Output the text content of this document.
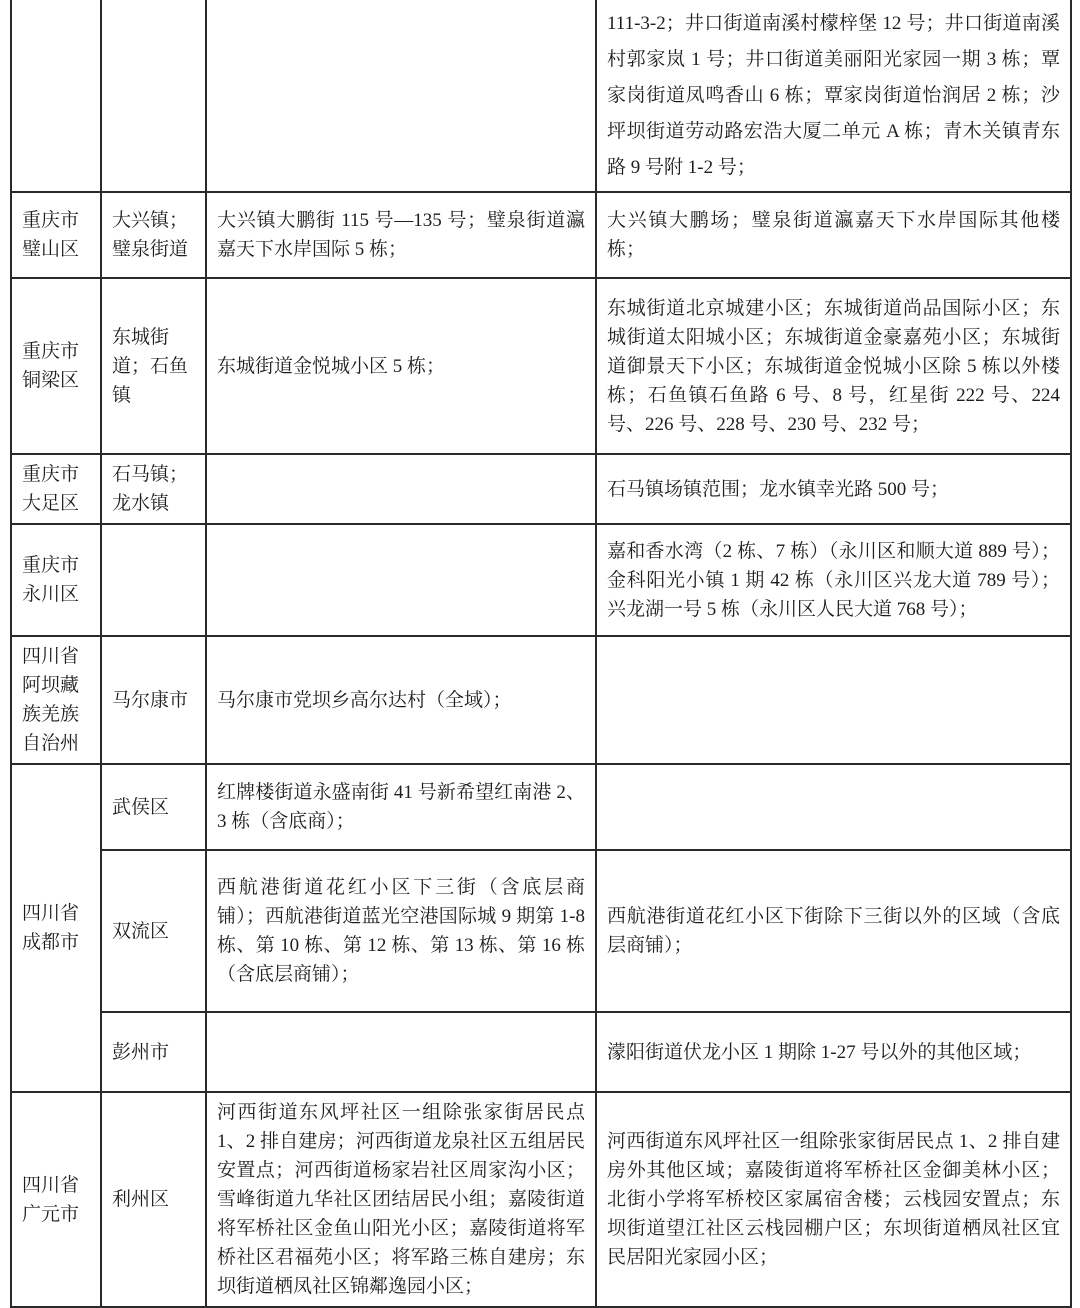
			111-3-2；井口街道南溪村檬梓堡 12 号；井口街道南溪村郭家岚 1 号；井口街道美丽阳光家园一期 3 栋；覃家岗街道凤鸣香山 6 栋；覃家岗街道怡润居 2 栋；沙坪坝街道劳动路宏浩大厦二单元 A 栋；青木关镇青东路 9 号附 1-2 号；
重庆市璧山区	大兴镇；璧泉街道	大兴镇大鹏街 115 号—135 号；璧泉街道瀛嘉天下水岸国际 5 栋；	大兴镇大鹏场；璧泉街道瀛嘉天下水岸国际其他楼栋；
重庆市铜梁区	东城街道；石鱼镇	东城街道金悦城小区 5 栋；	东城街道北京城建小区；东城街道尚品国际小区；东城街道太阳城小区；东城街道金豪嘉苑小区；东城街道御景天下小区；东城街道金悦城小区除 5 栋以外楼栋；石鱼镇石鱼路 6 号、8 号，红星街 222 号、224 号、226 号、228 号、230 号、232 号；
重庆市大足区	石马镇；龙水镇		石马镇场镇范围；龙水镇幸光路 500 号；
重庆市永川区			嘉和香水湾（2 栋、7 栋）（永川区和顺大道 889 号）；金科阳光小镇 1 期 42 栋（永川区兴龙大道 789 号）；兴龙湖一号 5 栋（永川区人民大道 768 号）；
四川省阿坝藏族羌族自治州	马尔康市	马尔康市党坝乡高尔达村（全域）；	
四川省成都市	武侯区	红牌楼街道永盛南街 41 号新希望红南港 2、3 栋（含底商）；	
	双流区	西航港街道花红小区下三街（含底层商铺）；西航港街道蓝光空港国际城 9 期第 1-8 栋、第 10 栋、第 12 栋、第 13 栋、第 16 栋（含底层商铺）；	西航港街道花红小区下街除下三街以外的区域（含底层商铺）；
	彭州市		濛阳街道伏龙小区 1 期除 1-27 号以外的其他区域；
四川省广元市	利州区	河西街道东风坪社区一组除张家街居民点 1、2 排自建房；河西街道龙泉社区五组居民安置点；河西街道杨家岩社区周家沟小区；雪峰街道九华社区团结居民小组；嘉陵街道将军桥社区金鱼山阳光小区；嘉陵街道将军桥社区君福苑小区；将军路三栋自建房；东坝街道栖凤社区锦鄰逸园小区；	河西街道东风坪社区一组除张家街居民点 1、2 排自建房外其他区域；嘉陵街道将军桥社区金御美林小区；北街小学将军桥校区家属宿舍楼；云栈园安置点；东坝街道望江社区云栈园棚户区；东坝街道栖凤社区宜民居阳光家园小区；
